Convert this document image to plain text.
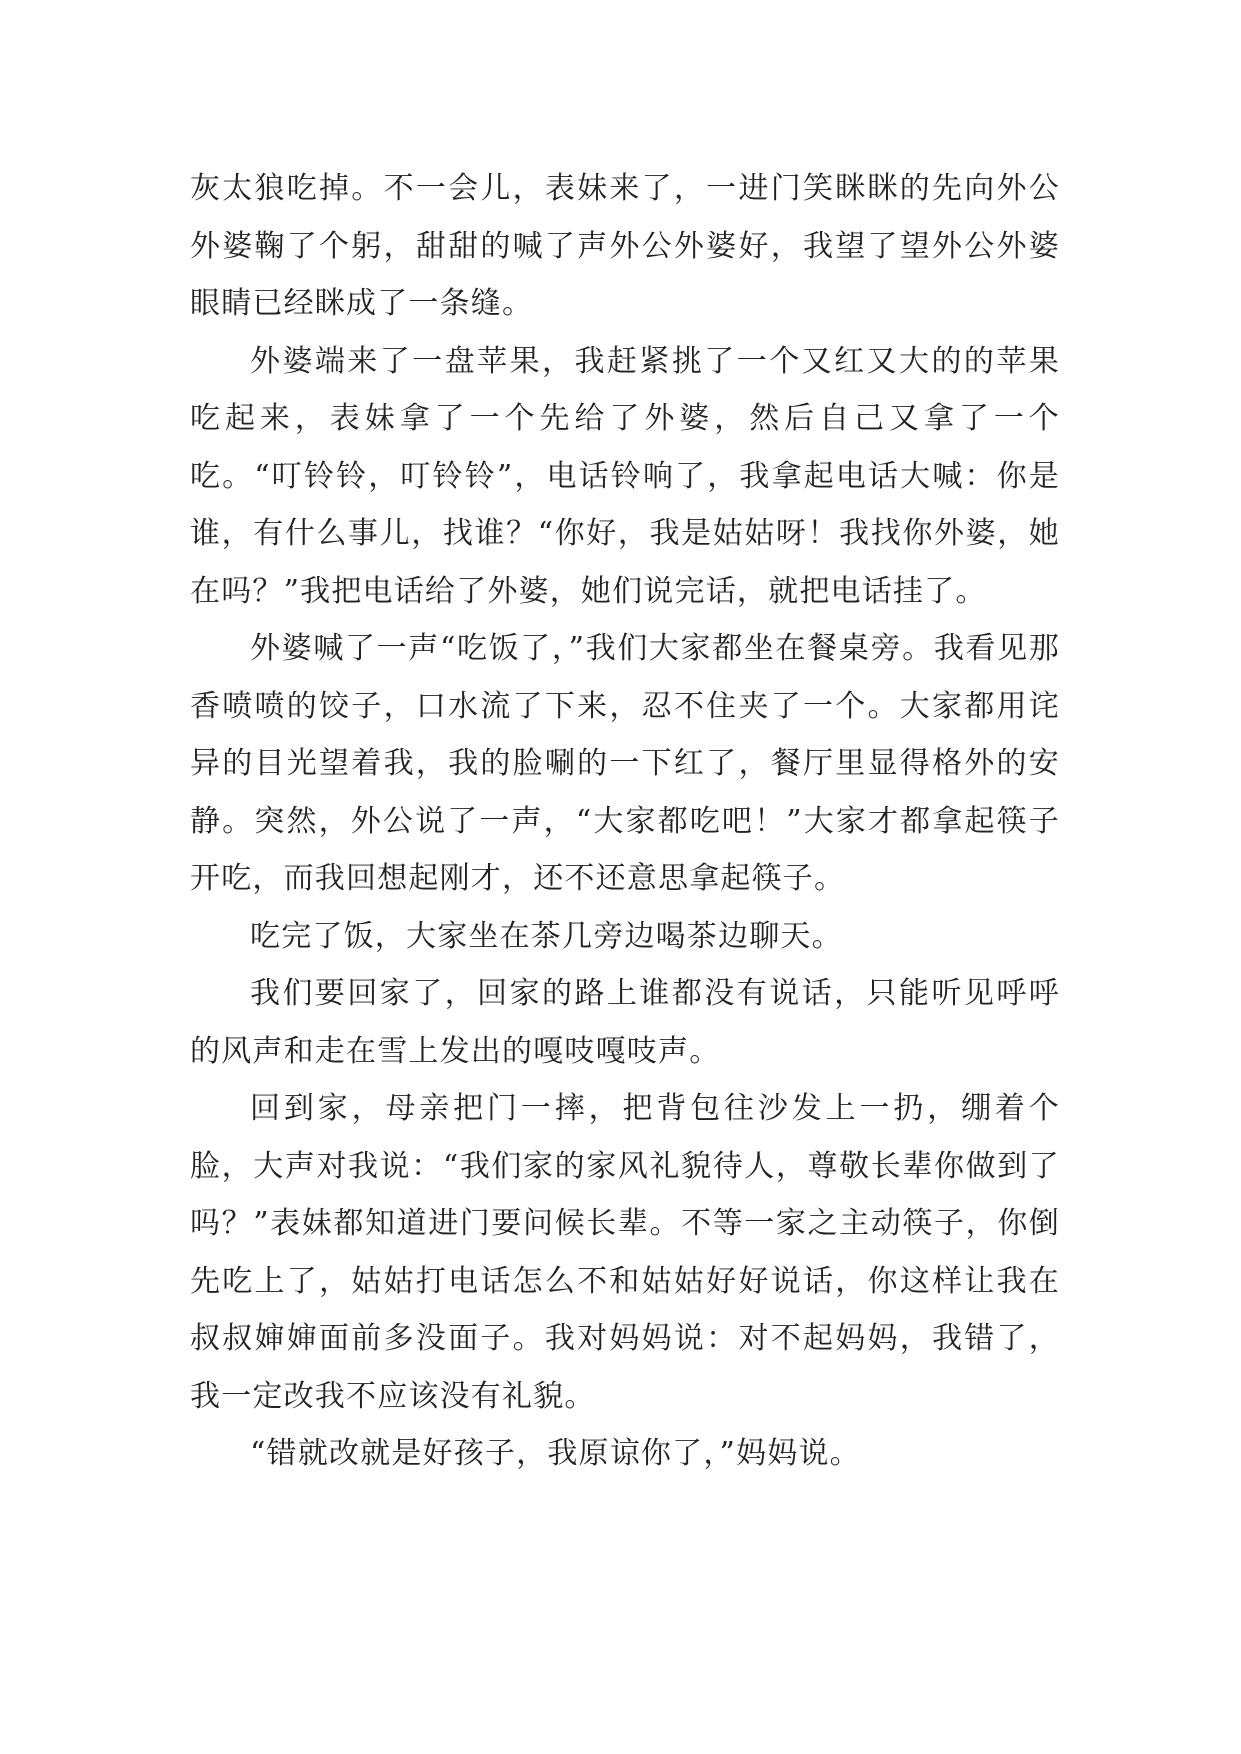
灰太狼吃掉。不一会儿，表妹来了，一进门笑眯眯的先向外公外婆鞠了个躬，甜甜的喊了声外公外婆好，我望了望外公外婆眼睛已经眯成了一条缝。

外婆端来了一盘苹果，我赶紧挑了一个又红又大的的苹果吃起来，表妹拿了一个先给了外婆，然后自己又拿了一个吃。“叮铃铃，叮铃铃”，电话铃响了，我拿起电话大喊：你是谁，有什么事儿，找谁？“你好，我是姑姑呀！我找你外婆，她在吗？”我把电话给了外婆，她们说完话，就把电话挂了。

外婆喊了一声“吃饭了，”我们大家都坐在餐桌旁。我看见那香喷喷的饺子，口水流了下来，忍不住夹了一个。大家都用诧异的目光望着我，我的脸唰的一下红了，餐厅里显得格外的安静。突然，外公说了一声，“大家都吃吧！”大家才都拿起筷子开吃，而我回想起刚才，还不还意思拿起筷子。

吃完了饭，大家坐在茶几旁边喝茶边聊天。

我们要回家了，回家的路上谁都没有说话，只能听见呼呼的风声和走在雪上发出的嘎吱嘎吱声。

回到家，母亲把门一摔，把背包往沙发上一扔，绷着个脸，大声对我说：“我们家的家风礼貌待人，尊敬长辈你做到了吗？”表妹都知道进门要问候长辈。不等一家之主动筷子，你倒先吃上了，姑姑打电话怎么不和姑姑好好说话，你这样让我在叔叔婶婶面前多没面子。我对妈妈说：对不起妈妈，我错了，我一定改我不应该没有礼貌。

“错就改就是好孩子，我原谅你了，”妈妈说。
